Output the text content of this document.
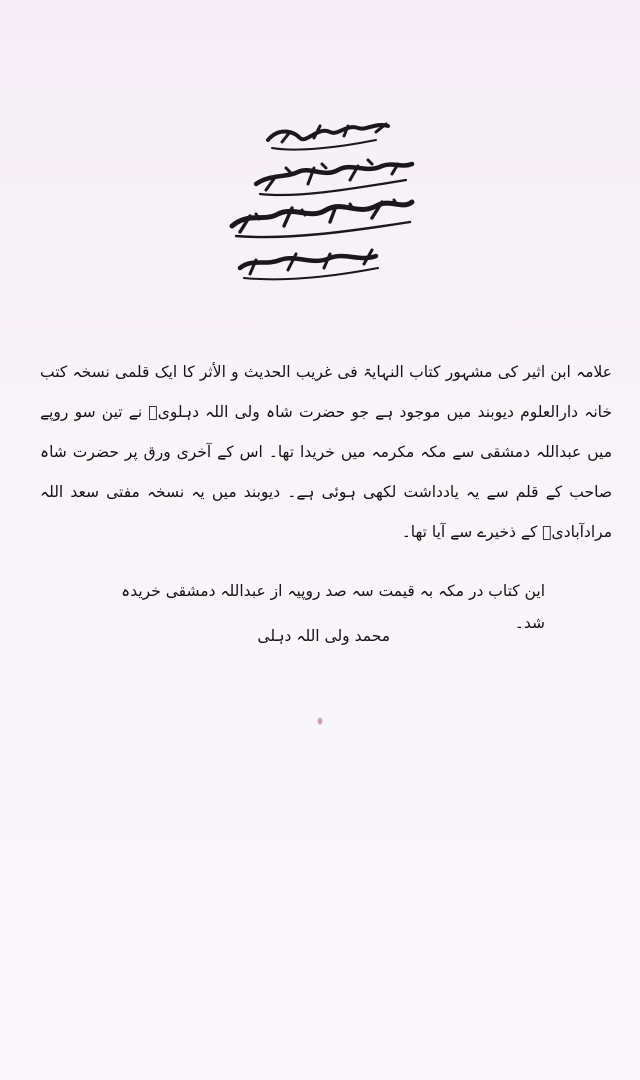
علامہ ابن اثیر کی مشہور کتاب النہایۃ فی غریب الحدیث و الأثر کا ایک قلمی نسخہ کتب خانہ دارالعلوم دیوبند میں موجود ہے جو حضرت شاہ ولی اللہ دہلویؒ نے تین سو روپے میں عبداللہ دمشقی سے مکہ مکرمہ میں خریدا تھا۔ اس کے آخری ورق پر حضرت شاہ صاحب کے قلم سے یہ یادداشت لکھی ہوئی ہے۔ دیوبند میں یہ نسخہ مفتی سعد اللہ مرادآبادیؒ کے ذخیرے سے آیا تھا۔
این کتاب در مکہ بہ قیمت سہ صد روپیہ از عبداللہ دمشقی خریدہ شد۔
محمد ولی اللہ دہلی
